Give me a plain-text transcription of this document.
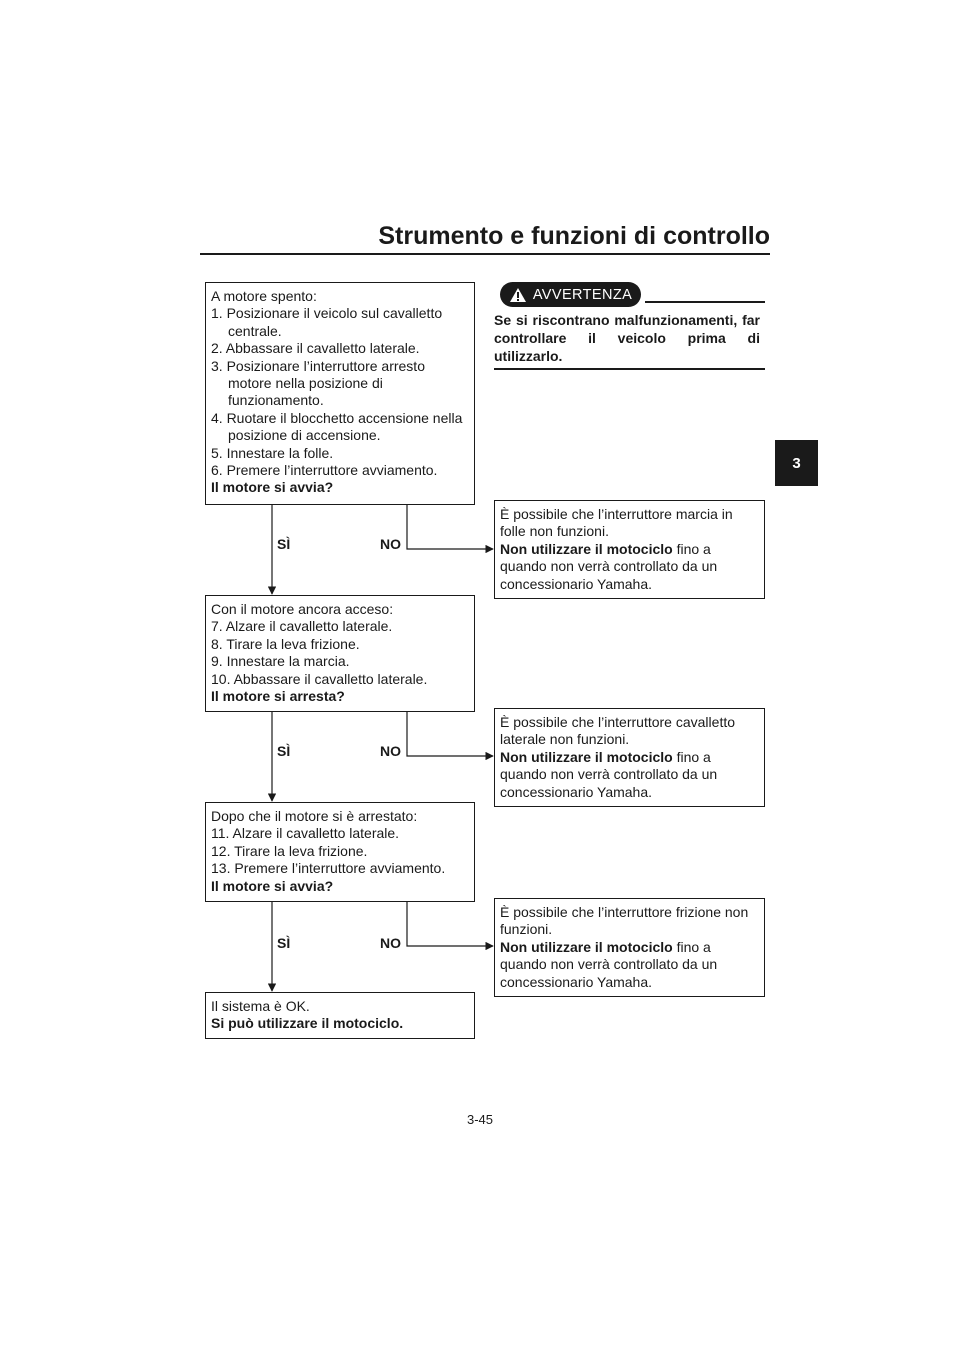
Strumento e funzioni di controllo
3
AVVERTENZA
Se si riscontrano malfunzionamenti, far controllare il veicolo prima di utilizzarlo.
A motore spento:
1. Posizionare il veicolo sul cavalletto centrale.
2. Abbassare il cavalletto laterale.
3. Posizionare l’interruttore arresto motore nella posizione di funzionamento.
4. Ruotare il blocchetto accensione nella posizione di accensione.
5. Innestare la folle.
6. Premere l’interruttore avviamento.
Il motore si avvia?
Con il motore ancora acceso:
7. Alzare il cavalletto laterale.
8. Tirare la leva frizione.
9. Innestare la marcia.
10. Abbassare il cavalletto laterale.
Il motore si arresta?
Dopo che il motore si è arrestato:
11. Alzare il cavalletto laterale.
12. Tirare la leva frizione.
13. Premere l’interruttore avviamento.
Il motore si avvia?
Il sistema è OK.
Si può utilizzare il motociclo.
SÌ	NO
SÌ	NO
SÌ	NO
È possibile che l’interruttore marcia in
folle non funzioni.
Non utilizzare il motociclo fino a
quando non verrà controllato da un
concessionario Yamaha.
È possibile che l’interruttore cavalletto
laterale non funzioni.
Non utilizzare il motociclo fino a
quando non verrà controllato da un
concessionario Yamaha.
È possibile che l’interruttore frizione non
funzioni.
Non utilizzare il motociclo fino a
quando non verrà controllato da un
concessionario Yamaha.
3-45
